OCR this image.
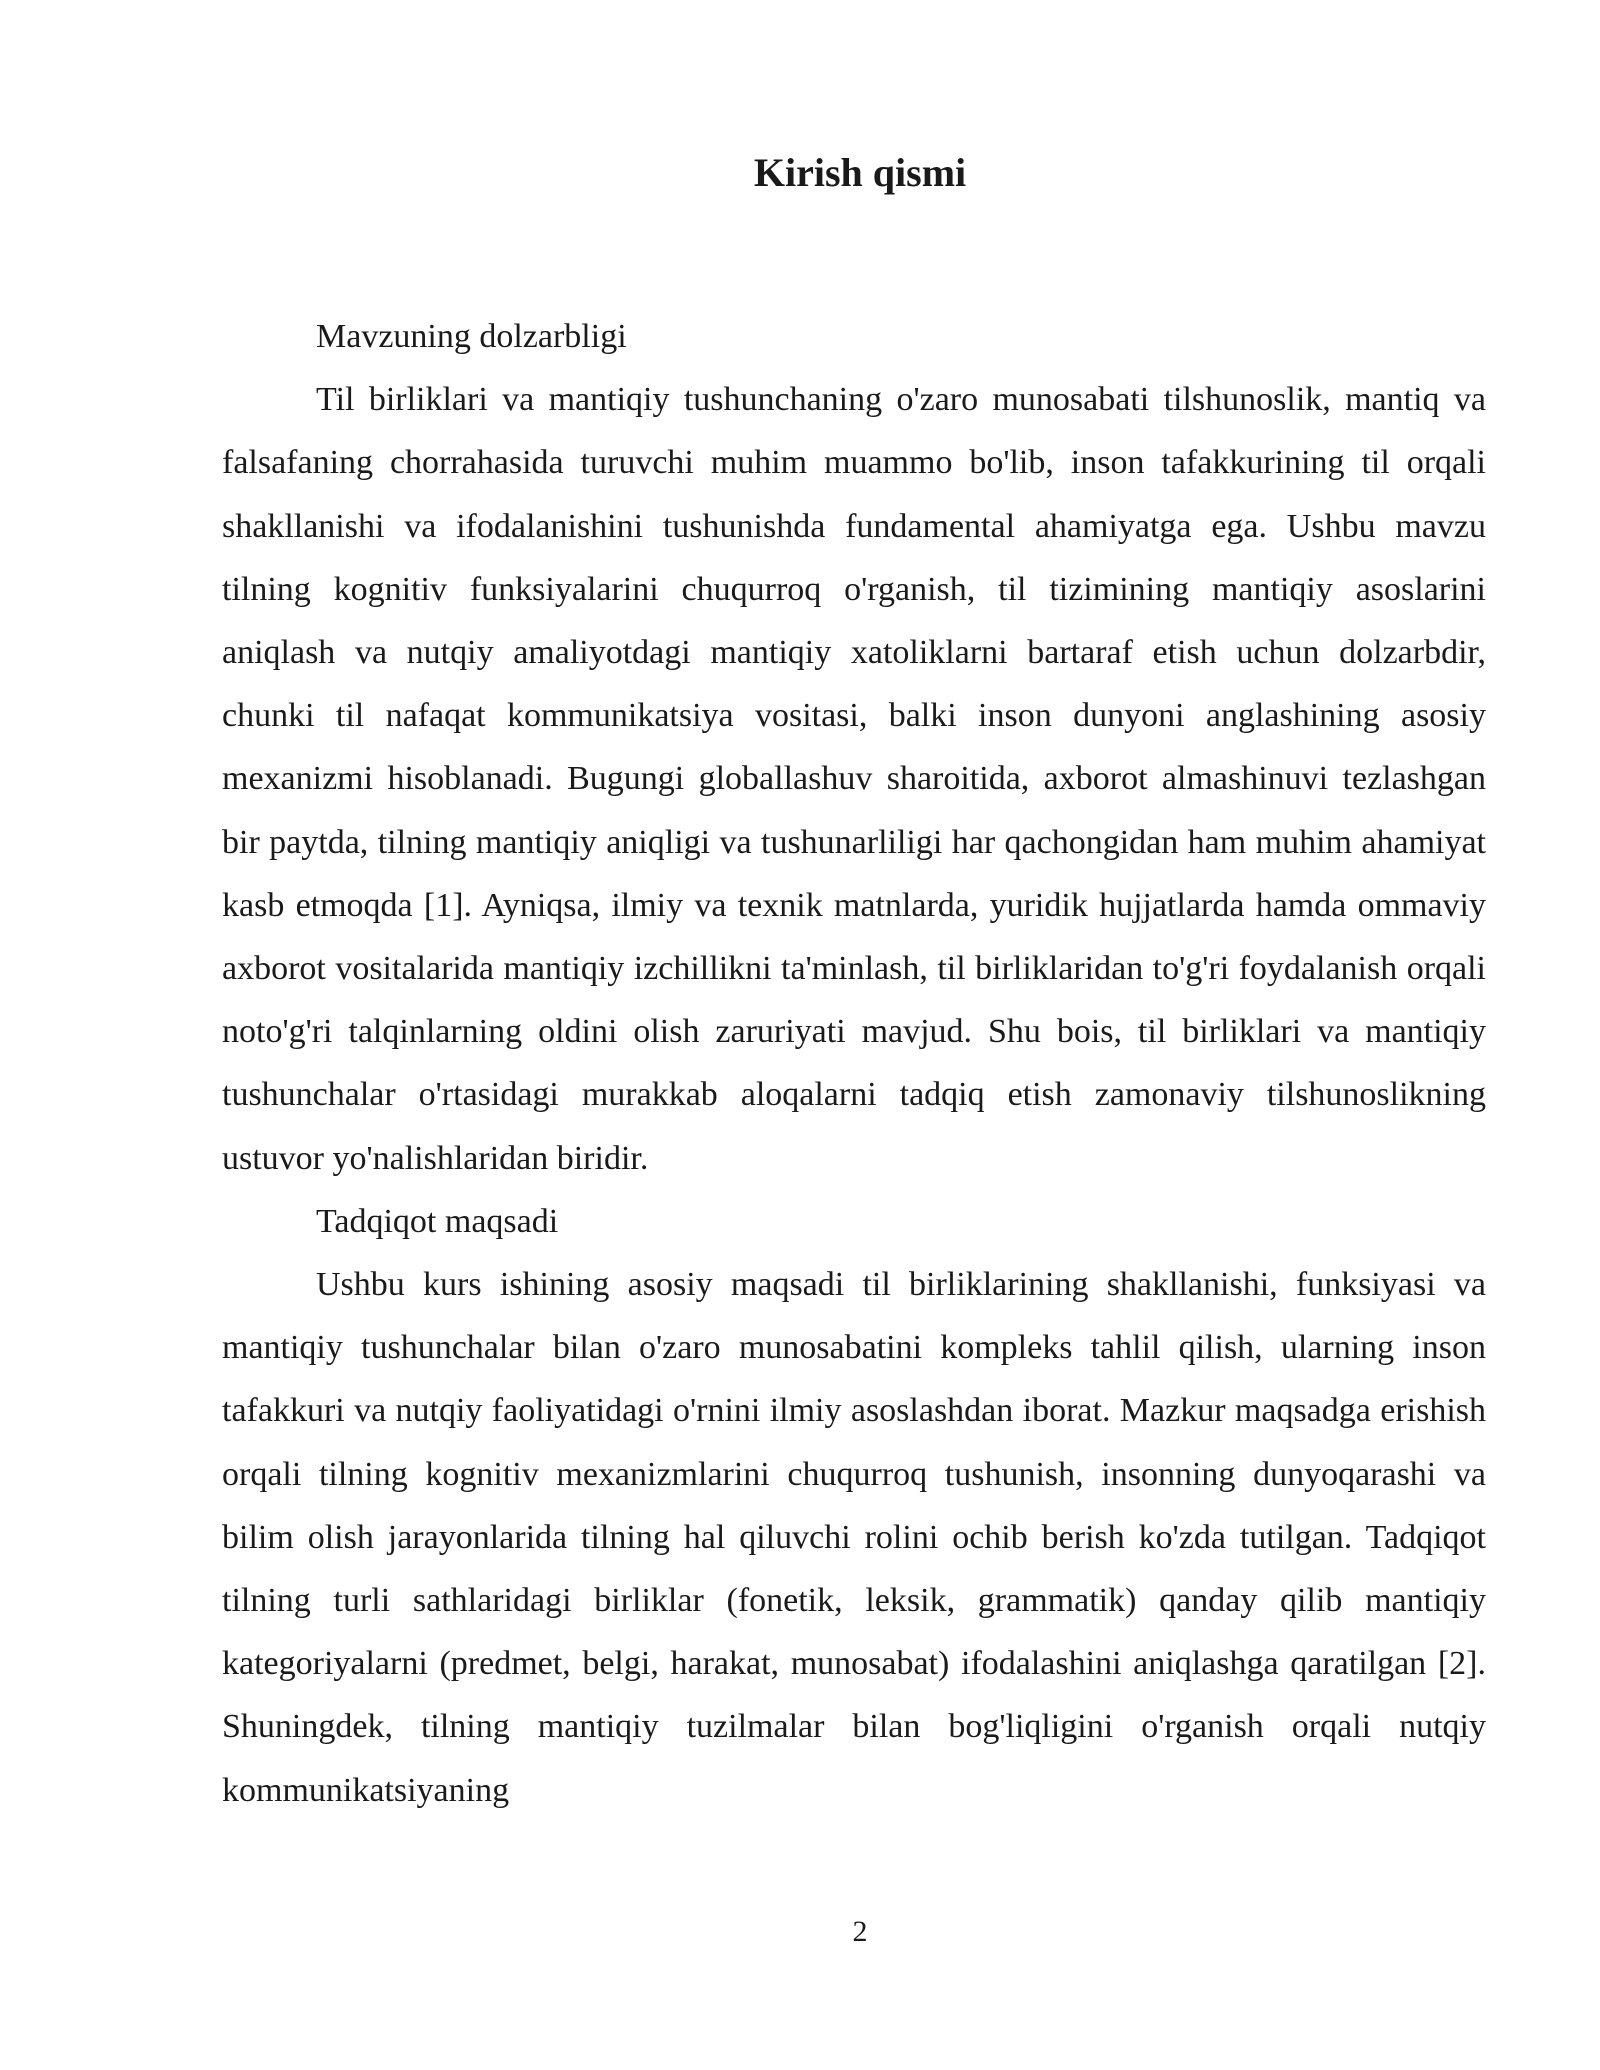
Kirish qismi

Mavzuning dolzarbligi

Til birliklari va mantiqiy tushunchaning o'zaro munosabati tilshunoslik, mantiq va falsafaning chorrahasida turuvchi muhim muammo bo'lib, inson tafakkurining til orqali shakllanishi va ifodalanishini tushunishda fundamental ahamiyatga ega. Ushbu mavzu tilning kognitiv funksiyalarini chuqurroq o'rganish, til tizimining mantiqiy asoslarini aniqlash va nutqiy amaliyotdagi mantiqiy xatoliklarni bartaraf etish uchun dolzarbdir, chunki til nafaqat kommunikatsiya vositasi, balki inson dunyoni anglashining asosiy mexanizmi hisoblanadi. Bugungi globallashuv sharoitida, axborot almashinuvi tezlashgan bir paytda, tilning mantiqiy aniqligi va tushunarliligi har qachongidan ham muhim ahamiyat kasb etmoqda [1]. Ayniqsa, ilmiy va texnik matnlarda, yuridik hujjatlarda hamda ommaviy axborot vositalarida mantiqiy izchillikni ta'minlash, til birliklaridan to'g'ri foydalanish orqali noto'g'ri talqinlarning oldini olish zaruriyati mavjud. Shu bois, til birliklari va mantiqiy tushunchalar o'rtasidagi murakkab aloqalarni tadqiq etish zamonaviy tilshunoslikning ustuvor yo'nalishlaridan biridir.

Tadqiqot maqsadi

Ushbu kurs ishining asosiy maqsadi til birliklarining shakllanishi, funksiyasi va mantiqiy tushunchalar bilan o'zaro munosabatini kompleks tahlil qilish, ularning inson tafakkuri va nutqiy faoliyatidagi o'rnini ilmiy asoslashdan iborat. Mazkur maqsadga erishish orqali tilning kognitiv mexanizmlarini chuqurroq tushunish, insonning dunyoqarashi va bilim olish jarayonlarida tilning hal qiluvchi rolini ochib berish ko'zda tutilgan. Tadqiqot tilning turli sathlaridagi birliklar (fonetik, leksik, grammatik) qanday qilib mantiqiy kategoriyalarni (predmet, belgi, harakat, munosabat) ifodalashini aniqlashga qaratilgan [2]. Shuningdek, tilning mantiqiy tuzilmalar bilan bog'liqligini o'rganish orqali nutqiy kommunikatsiyaning

2
